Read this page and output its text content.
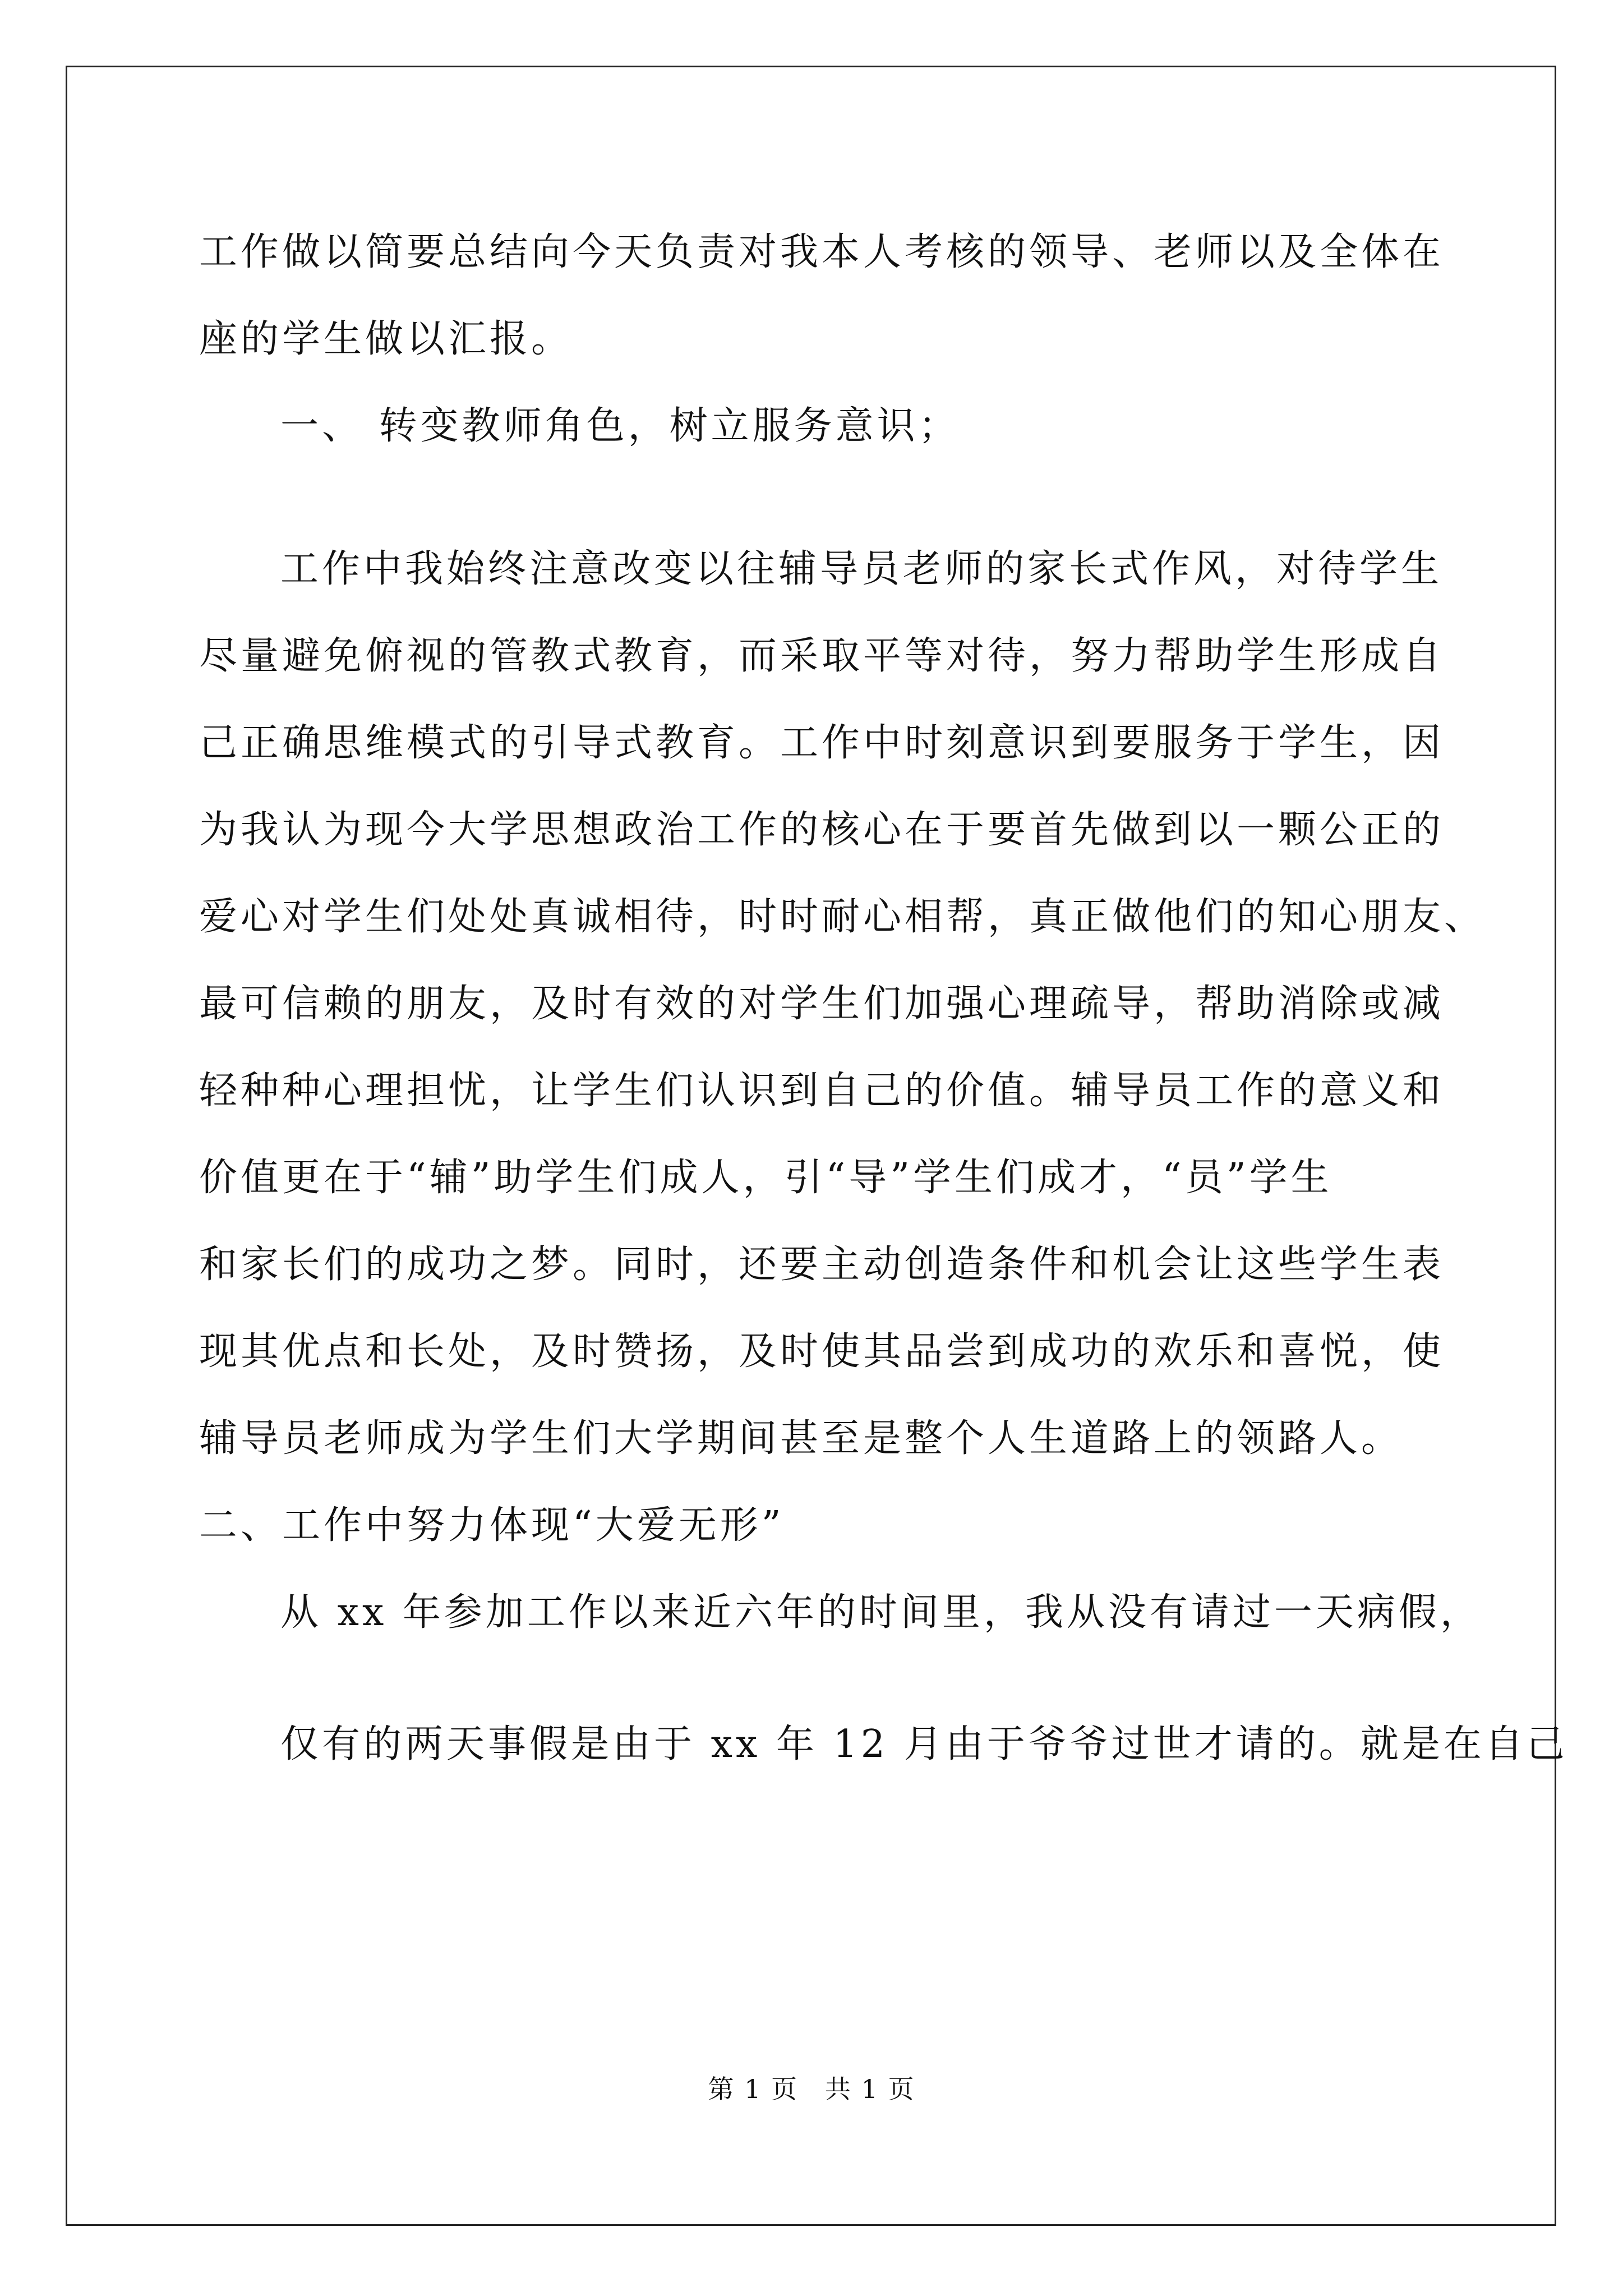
工作做以简要总结向今天负责对我本人考核的领导、老师以及全体在
座的学生做以汇报。
一、 转变教师角色，树立服务意识；
工作中我始终注意改变以往辅导员老师的家长式作风，对待学生
尽量避免俯视的管教式教育，而采取平等对待，努力帮助学生形成自
己正确思维模式的引导式教育。工作中时刻意识到要服务于学生，因
为我认为现今大学思想政治工作的核心在于要首先做到以一颗公正的
爱心对学生们处处真诚相待，时时耐心相帮，真正做他们的知心朋友、
最可信赖的朋友，及时有效的对学生们加强心理疏导，帮助消除或减
轻种种心理担忧，让学生们认识到自己的价值。辅导员工作的意义和
价值更在于“辅”助学生们成人，引“导”学生们成才，“员”学生
和家长们的成功之梦。同时，还要主动创造条件和机会让这些学生表
现其优点和长处，及时赞扬，及时使其品尝到成功的欢乐和喜悦，使
辅导员老师成为学生们大学期间甚至是整个人生道路上的领路人。
二、工作中努力体现“大爱无形”
从 xx 年参加工作以来近六年的时间里，我从没有请过一天病假，
仅有的两天事假是由于 xx 年 12 月由于爷爷过世才请的。就是在自己
第 1 页　共 1 页
